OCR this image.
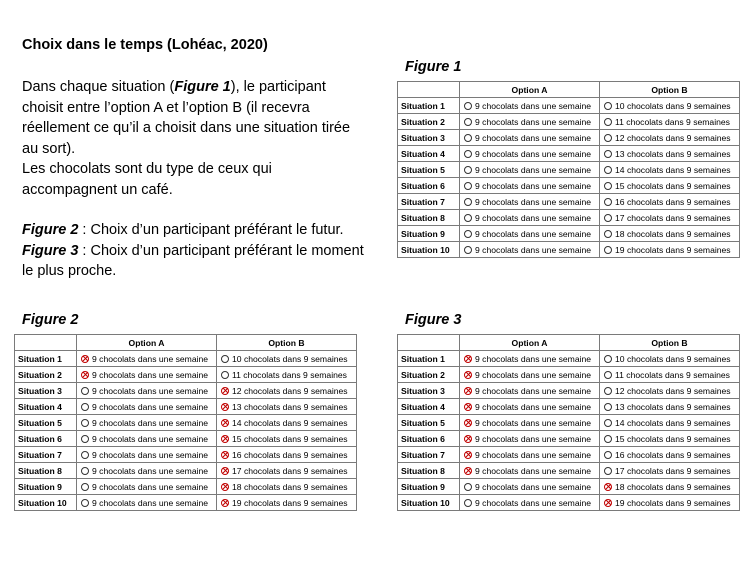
Choix dans le temps (Lohéac, 2020)

Dans chaque situation (Figure 1), le participant choisit entre l’option A et l’option B (il recevra réellement ce qu’il a choisit dans une situation tirée au sort).

Les chocolats sont du type de ceux qui accompagnent un café.

Figure 2 : Choix d’un participant préférant le futur.

Figure 3 : Choix d’un participant préférant le moment le plus proche.

Figure 1
	Option A	Option B
Situation 1	9 chocolats dans une semaine	10 chocolats dans 9 semaines
Situation 2	9 chocolats dans une semaine	11 chocolats dans 9 semaines
Situation 3	9 chocolats dans une semaine	12 chocolats dans 9 semaines
Situation 4	9 chocolats dans une semaine	13 chocolats dans 9 semaines
Situation 5	9 chocolats dans une semaine	14 chocolats dans 9 semaines
Situation 6	9 chocolats dans une semaine	15 chocolats dans 9 semaines
Situation 7	9 chocolats dans une semaine	16 chocolats dans 9 semaines
Situation 8	9 chocolats dans une semaine	17 chocolats dans 9 semaines
Situation 9	9 chocolats dans une semaine	18 chocolats dans 9 semaines
Situation 10	9 chocolats dans une semaine	19 chocolats dans 9 semaines
Figure 2
	Option A	Option B
Situation 1	9 chocolats dans une semaine	10 chocolats dans 9 semaines
Situation 2	9 chocolats dans une semaine	11 chocolats dans 9 semaines
Situation 3	9 chocolats dans une semaine	12 chocolats dans 9 semaines
Situation 4	9 chocolats dans une semaine	13 chocolats dans 9 semaines
Situation 5	9 chocolats dans une semaine	14 chocolats dans 9 semaines
Situation 6	9 chocolats dans une semaine	15 chocolats dans 9 semaines
Situation 7	9 chocolats dans une semaine	16 chocolats dans 9 semaines
Situation 8	9 chocolats dans une semaine	17 chocolats dans 9 semaines
Situation 9	9 chocolats dans une semaine	18 chocolats dans 9 semaines
Situation 10	9 chocolats dans une semaine	19 chocolats dans 9 semaines
Figure 3
	Option A	Option B
Situation 1	9 chocolats dans une semaine	10 chocolats dans 9 semaines
Situation 2	9 chocolats dans une semaine	11 chocolats dans 9 semaines
Situation 3	9 chocolats dans une semaine	12 chocolats dans 9 semaines
Situation 4	9 chocolats dans une semaine	13 chocolats dans 9 semaines
Situation 5	9 chocolats dans une semaine	14 chocolats dans 9 semaines
Situation 6	9 chocolats dans une semaine	15 chocolats dans 9 semaines
Situation 7	9 chocolats dans une semaine	16 chocolats dans 9 semaines
Situation 8	9 chocolats dans une semaine	17 chocolats dans 9 semaines
Situation 9	9 chocolats dans une semaine	18 chocolats dans 9 semaines
Situation 10	9 chocolats dans une semaine	19 chocolats dans 9 semaines
